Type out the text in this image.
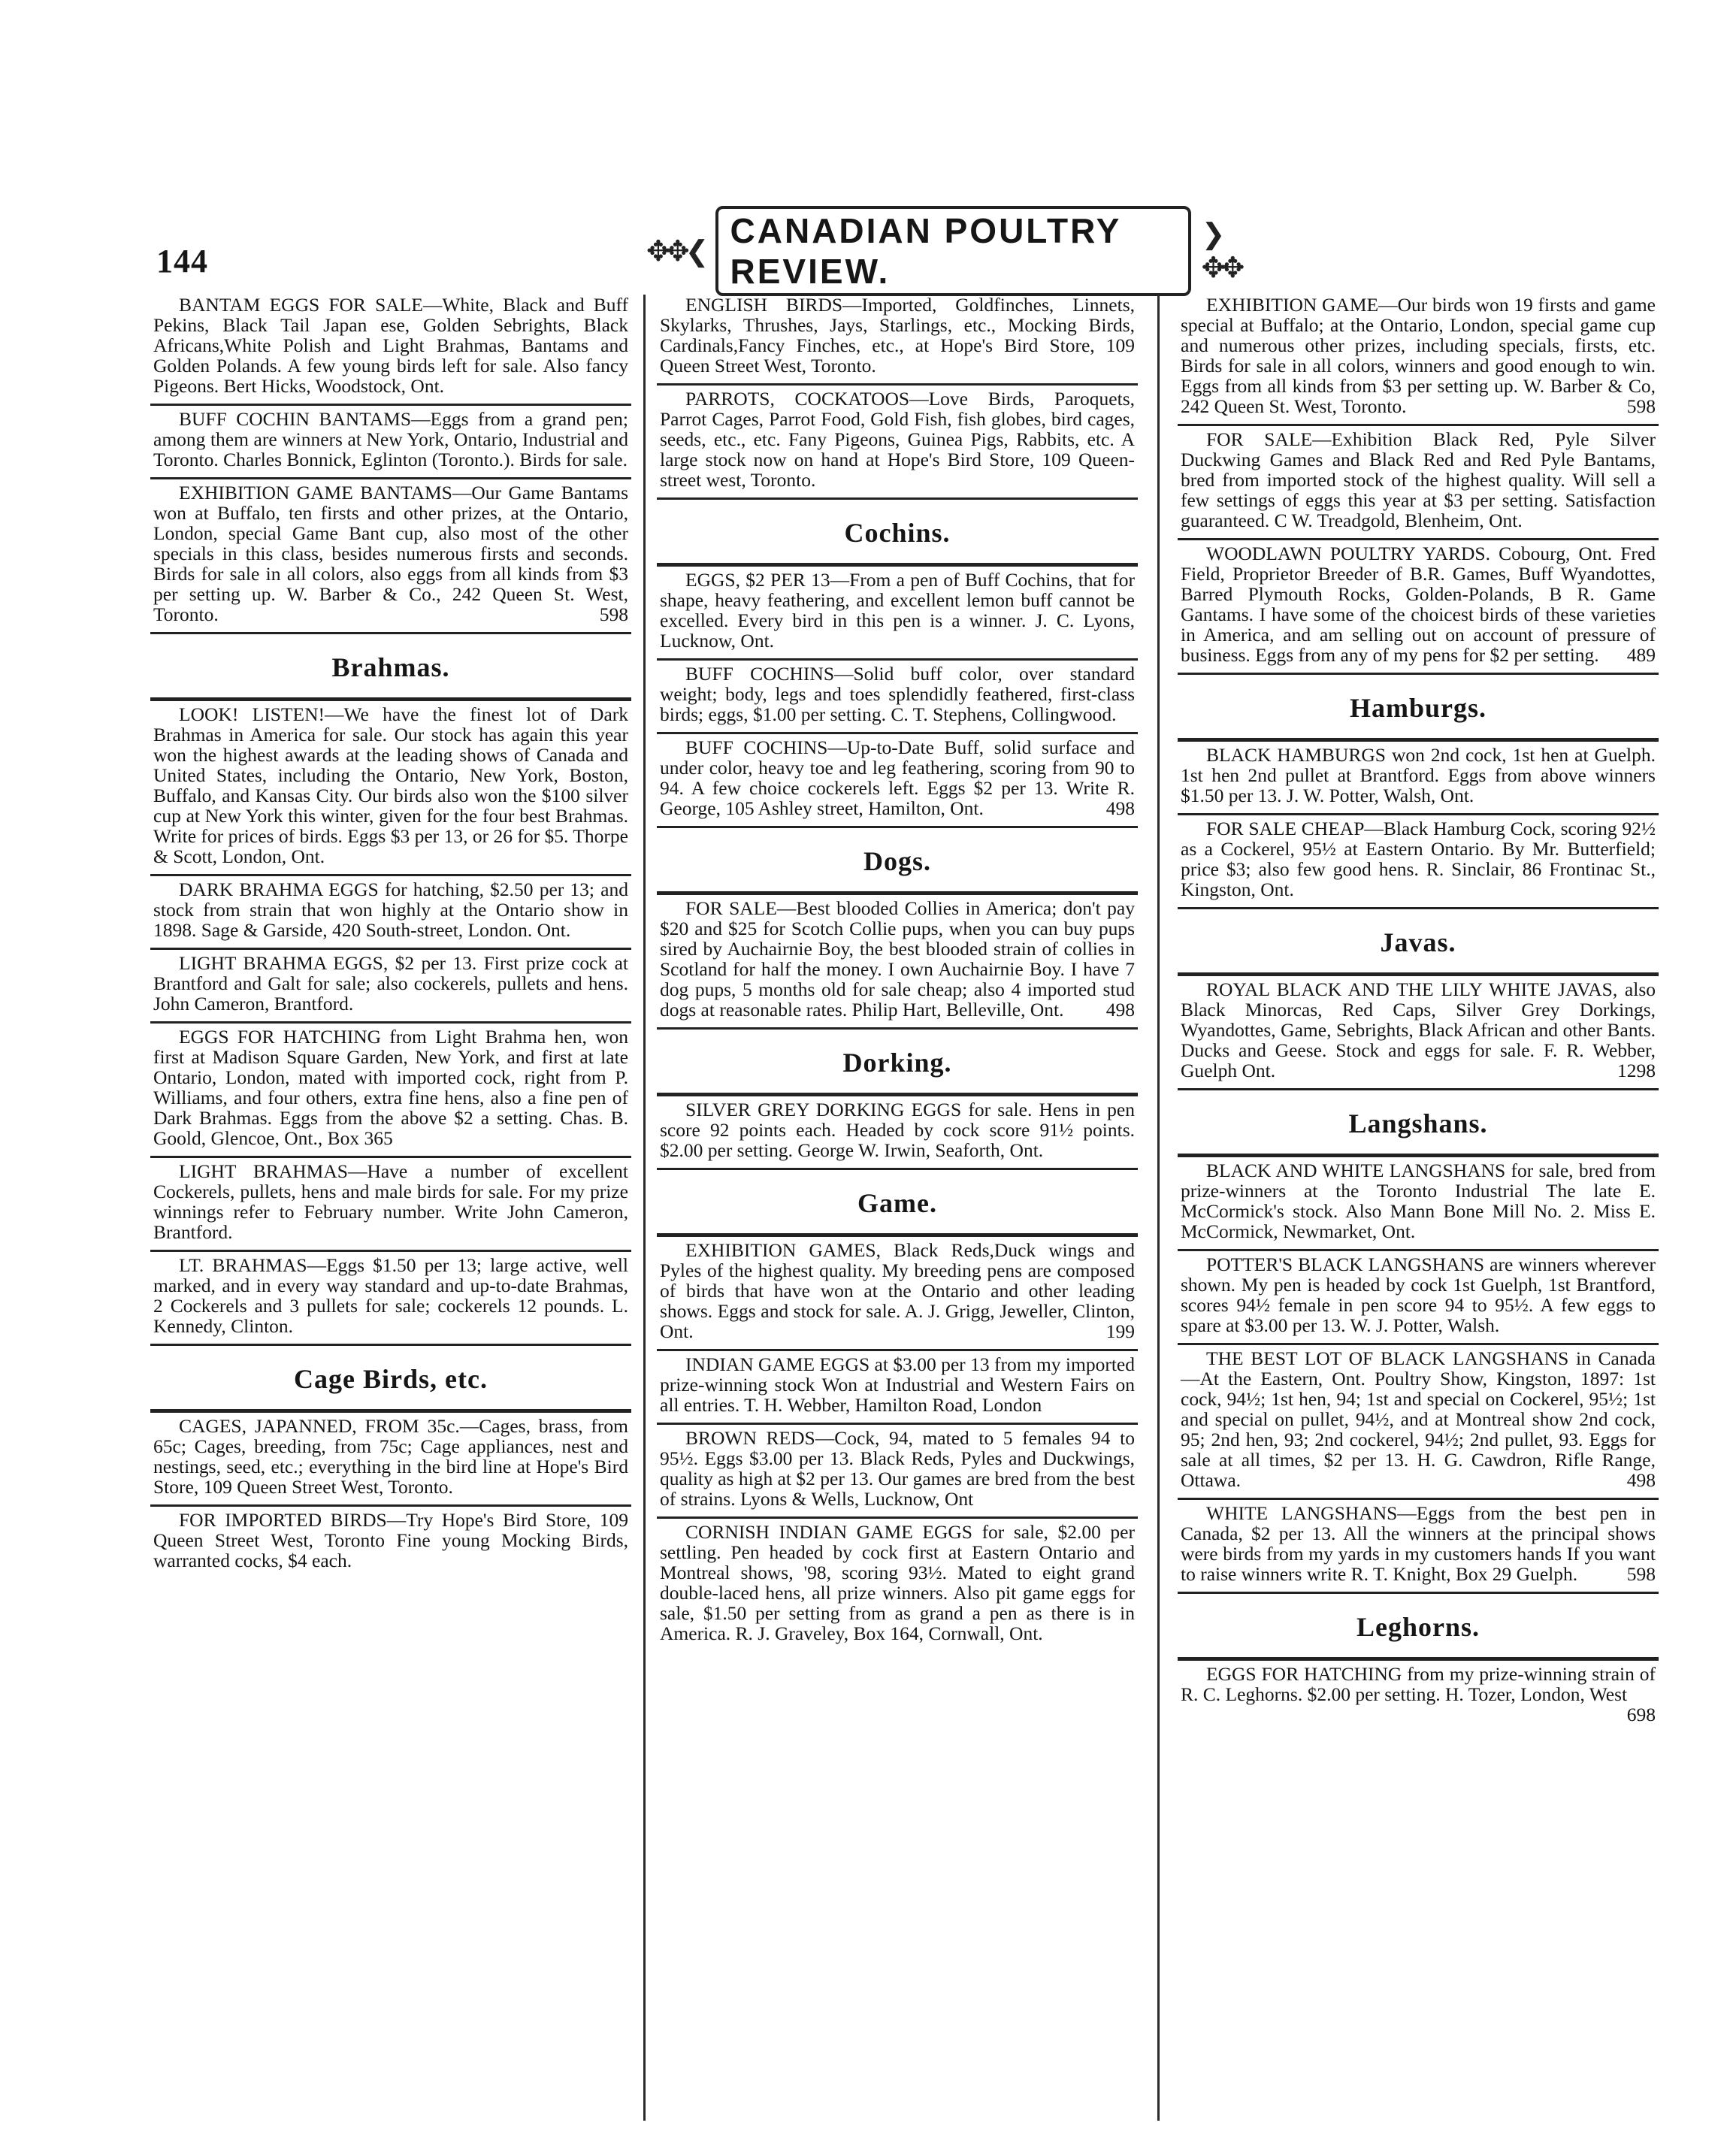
144	✥✥❮
CANADIAN POULTRY REVIEW.
❯✥✥

BANTAM EGGS FOR SALE—White, Black and Buff Pekins, Black Tail Japan ese, Golden Sebrights, Black Africans,White Polish and Light Brahmas, Bantams and Golden Polands. A few young birds left for sale. Also fancy Pigeons. Bert Hicks, Woodstock, Ont.

BUFF COCHIN BANTAMS—Eggs from a grand pen; among them are winners at New York, Ontario, Industrial and Toronto. Charles Bonnick, Eglinton (Toronto.). Birds for sale.

EXHIBITION GAME BANTAMS—Our Game Bantams won at Buffalo, ten firsts and other prizes, at the Ontario, London, special Game Bant cup, also most of the other specials in this class, besides numerous firsts and seconds. Birds for sale in all colors, also eggs from all kinds from $3 per setting up. W. Barber & Co., 242 Queen St. West, Toronto.	598

Brahmas.

LOOK! LISTEN!—We have the finest lot of Dark Brahmas in America for sale. Our stock has again this year won the highest awards at the leading shows of Canada and United States, including the Ontario, New York, Boston, Buffalo, and Kansas City. Our birds also won the $100 silver cup at New York this winter, given for the four best Brahmas. Write for prices of birds. Eggs $3 per 13, or 26 for $5. Thorpe & Scott, London, Ont.

DARK BRAHMA EGGS for hatching, $2.50 per 13; and stock from strain that won highly at the Ontario show in 1898. Sage & Garside, 420 South-street, London. Ont.

LIGHT BRAHMA EGGS, $2 per 13. First prize cock at Brantford and Galt for sale; also cockerels, pullets and hens. John Cameron, Brantford.

EGGS FOR HATCHING from Light Brahma hen, won first at Madison Square Garden, New York, and first at late Ontario, London, mated with imported cock, right from P. Williams, and four others, extra fine hens, also a fine pen of Dark Brahmas. Eggs from the above $2 a setting. Chas. B. Goold, Glencoe, Ont., Box 365

LIGHT BRAHMAS—Have a number of excellent Cockerels, pullets, hens and male birds for sale. For my prize winnings refer to February number. Write John Cameron, Brantford.

LT. BRAHMAS—Eggs $1.50 per 13; large active, well marked, and in every way standard and up-to-date Brahmas, 2 Cockerels and 3 pullets for sale; cockerels 12 pounds. L. Kennedy, Clinton.

Cage Birds, etc.

CAGES, JAPANNED, FROM 35c.—Cages, brass, from 65c; Cages, breeding, from 75c; Cage appliances, nest and nestings, seed, etc.; everything in the bird line at Hope's Bird Store, 109 Queen Street West, Toronto.

FOR IMPORTED BIRDS—Try Hope's Bird Store, 109 Queen Street West, Toronto Fine young Mocking Birds, warranted cocks, $4 each.

ENGLISH BIRDS—Imported, Goldfinches, Linnets, Skylarks, Thrushes, Jays, Starlings, etc., Mocking Birds, Cardinals,Fancy Finches, etc., at Hope's Bird Store, 109 Queen Street West, Toronto.

PARROTS, COCKATOOS—Love Birds, Paroquets, Parrot Cages, Parrot Food, Gold Fish, fish globes, bird cages, seeds, etc., etc. Fany Pigeons, Guinea Pigs, Rabbits, etc. A large stock now on hand at Hope's Bird Store, 109 Queen-street west, Toronto.

Cochins.

EGGS, $2 PER 13—From a pen of Buff Cochins, that for shape, heavy feathering, and excellent lemon buff cannot be excelled. Every bird in this pen is a winner. J. C. Lyons, Lucknow, Ont.

BUFF COCHINS—Solid buff color, over standard weight; body, legs and toes splendidly feathered, first-class birds; eggs, $1.00 per setting. C. T. Stephens, Collingwood.

BUFF COCHINS—Up-to-Date Buff, solid surface and under color, heavy toe and leg feathering, scoring from 90 to 94. A few choice cockerels left. Eggs $2 per 13. Write R. George, 105 Ashley street, Hamilton, Ont.	498

Dogs.

FOR SALE—Best blooded Collies in America; don't pay $20 and $25 for Scotch Collie pups, when you can buy pups sired by Auchairnie Boy, the best blooded strain of collies in Scotland for half the money. I own Auchairnie Boy. I have 7 dog pups, 5 months old for sale cheap; also 4 imported stud dogs at reasonable rates. Philip Hart, Belleville, Ont.	498

Dorking.

SILVER GREY DORKING EGGS for sale. Hens in pen score 92 points each. Headed by cock score 91½ points. $2.00 per setting. George W. Irwin, Seaforth, Ont.

Game.

EXHIBITION GAMES, Black Reds,Duck wings and Pyles of the highest quality. My breeding pens are composed of birds that have won at the Ontario and other leading shows. Eggs and stock for sale. A. J. Grigg, Jeweller, Clinton, Ont.	199

INDIAN GAME EGGS at $3.00 per 13 from my imported prize-winning stock Won at Industrial and Western Fairs on all entries. T. H. Webber, Hamilton Road, London

BROWN REDS—Cock, 94, mated to 5 females 94 to 95½. Eggs $3.00 per 13. Black Reds, Pyles and Duckwings, quality as high at $2 per 13. Our games are bred from the best of strains. Lyons & Wells, Lucknow, Ont

CORNISH INDIAN GAME EGGS for sale, $2.00 per settling. Pen headed by cock first at Eastern Ontario and Montreal shows, '98, scoring 93½. Mated to eight grand double-laced hens, all prize winners. Also pit game eggs for sale, $1.50 per setting from as grand a pen as there is in America. R. J. Graveley, Box 164, Cornwall, Ont.

EXHIBITION GAME—Our birds won 19 firsts and game special at Buffalo; at the Ontario, London, special game cup and numerous other prizes, including specials, firsts, etc. Birds for sale in all colors, winners and good enough to win. Eggs from all kinds from $3 per setting up. W. Barber & Co, 242 Queen St. West, Toronto.	598

FOR SALE—Exhibition Black Red, Pyle Silver Duckwing Games and Black Red and Red Pyle Bantams, bred from imported stock of the highest quality. Will sell a few settings of eggs this year at $3 per setting. Satisfaction guaranteed. C W. Treadgold, Blenheim, Ont.

WOODLAWN POULTRY YARDS. Cobourg, Ont. Fred Field, Proprietor Breeder of B.R. Games, Buff Wyandottes, Barred Plymouth Rocks, Golden-Polands, B R. Game Gantams. I have some of the choicest birds of these varieties in America, and am selling out on account of pressure of business. Eggs from any of my pens for $2 per setting.	489

Hamburgs.

BLACK HAMBURGS won 2nd cock, 1st hen at Guelph. 1st hen 2nd pullet at Brantford. Eggs from above winners $1.50 per 13. J. W. Potter, Walsh, Ont.

FOR SALE CHEAP—Black Hamburg Cock, scoring 92½ as a Cockerel, 95½ at Eastern Ontario. By Mr. Butterfield; price $3; also few good hens. R. Sinclair, 86 Frontinac St., Kingston, Ont.

Javas.

ROYAL BLACK AND THE LILY WHITE JAVAS, also Black Minorcas, Red Caps, Silver Grey Dorkings, Wyandottes, Game, Sebrights, Black African and other Bants. Ducks and Geese. Stock and eggs for sale. F. R. Webber, Guelph Ont.	1298

Langshans.

BLACK AND WHITE LANGSHANS for sale, bred from prize-winners at the Toronto Industrial The late E. McCormick's stock. Also Mann Bone Mill No. 2. Miss E. McCormick, Newmarket, Ont.

POTTER'S BLACK LANGSHANS are winners wherever shown. My pen is headed by cock 1st Guelph, 1st Brantford, scores 94½ female in pen score 94 to 95½. A few eggs to spare at $3.00 per 13. W. J. Potter, Walsh.

THE BEST LOT OF BLACK LANGSHANS in Canada—At the Eastern, Ont. Poultry Show, Kingston, 1897: 1st cock, 94½; 1st hen, 94; 1st and special on Cockerel, 95½; 1st and special on pullet, 94½, and at Montreal show 2nd cock, 95; 2nd hen, 93; 2nd cockerel, 94½; 2nd pullet, 93. Eggs for sale at all times, $2 per 13. H. G. Cawdron, Rifle Range, Ottawa.	498

WHITE LANGSHANS—Eggs from the best pen in Canada, $2 per 13. All the winners at the principal shows were birds from my yards in my customers hands If you want to raise winners write R. T. Knight, Box 29 Guelph.	598

Leghorns.

EGGS FOR HATCHING from my prize-winning strain of R. C. Leghorns. $2.00 per setting. H. Tozer, London, West
698
